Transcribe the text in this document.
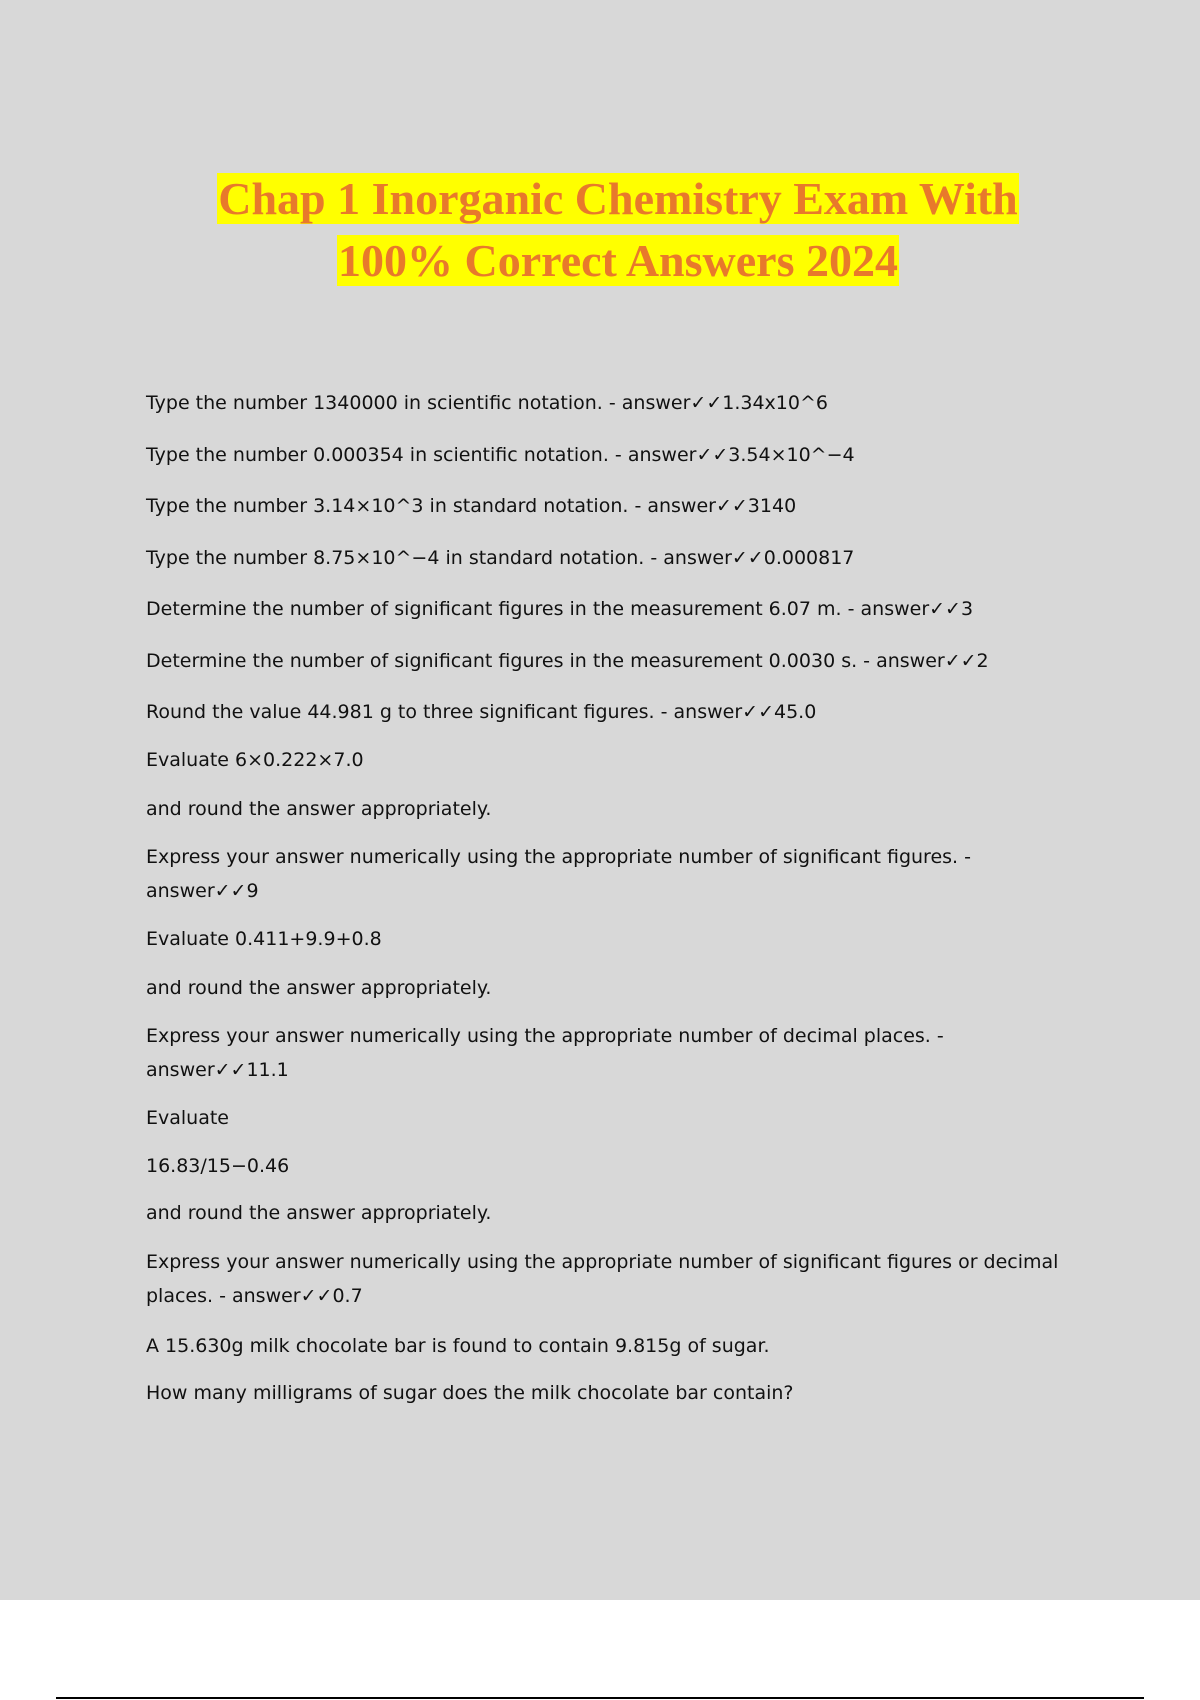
Chap 1 Inorganic Chemistry Exam With
100% Correct Answers 2024
Type the number 1340000 in scientific notation. - answer✓✓1.34x10^6
Type the number 0.000354 in scientific notation. - answer✓✓3.54×10^−4
Type the number 3.14×10^3 in standard notation. - answer✓✓3140
Type the number 8.75×10^−4 in standard notation. - answer✓✓0.000817
Determine the number of significant figures in the measurement 6.07 m. - answer✓✓3
Determine the number of significant figures in the measurement 0.0030 s. - answer✓✓2
Round the value 44.981 g to three significant figures. - answer✓✓45.0
Evaluate 6×0.222×7.0
and round the answer appropriately.
Express your answer numerically using the appropriate number of significant figures. - answer✓✓9
Evaluate 0.411+9.9+0.8
and round the answer appropriately.
Express your answer numerically using the appropriate number of decimal places. - answer✓✓11.1
Evaluate
16.83/15−0.46
and round the answer appropriately.
Express your answer numerically using the appropriate number of significant figures or decimal places. - answer✓✓0.7
A 15.630g milk chocolate bar is found to contain 9.815g of sugar.
How many milligrams of sugar does the milk chocolate bar contain?
